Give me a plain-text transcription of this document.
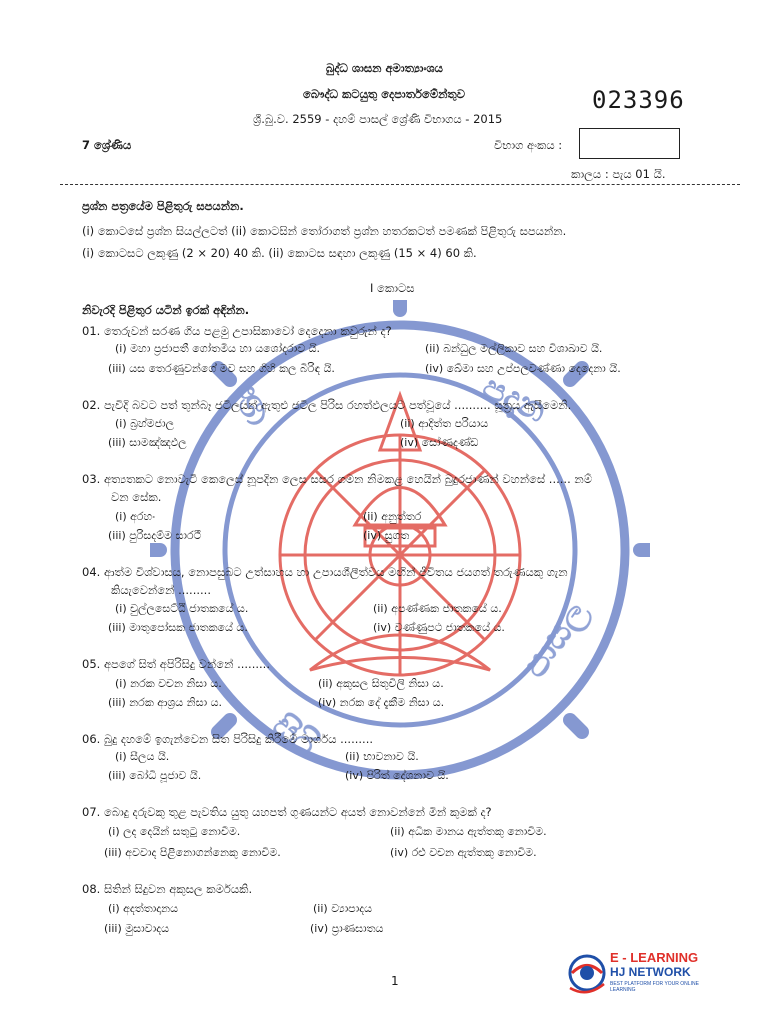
ශ්‍රී	පදාන
පාසල
සිරි
බුද්ධ ශාසන අමාත්‍යාංශය
බෞද්ධ කටයුතු දෙපාර්තමේන්තුව	023396
ශ්‍රී.බු.ව. 2559 - දහම් පාසල් ශ්‍රේණි විභාගය - 2015
7 ශ්‍රේණිය	විභාග අංකය :
කාලය : පැය 01 යි.
ප්‍රශ්න පත්‍රයේම පිළිතුරු සපයන්න.
(i) කොටසේ ප්‍රශ්න සියල්ලටත් (ii) කොටසින් තෝරාගත් ප්‍රශ්න හතරකටත් පමණක් පිළිතුරු සපයන්න.
(i) කොටසට ලකුණු (2 × 20) 40 කි. (ii) කොටස සඳහා ලකුණු (15 × 4) 60 කි.
I කොටස
නිවැරදි පිළිතුර යටින් ඉරක් අඳින්න.
01. තෙරුවන් සරණ ගිය පළමු උපාසිකාවෝ දෙදෙනා කවුරුන් ද?
(i) මහා ප්‍රජාපතී ගෝතමිය හා යශෝදරාව යි.	(ii) බන්ධුල මල්ලිකාව සහ විශාඛාව යි.
(iii) යස තෙරණුවන්ගේ මව සහ ගිහි කල බිරිඳ යි.	(iv) ඛේමා සහ උප්පලවණ්ණා දෙදෙනා යි.
02. පැවිදි බවට පත් තුන්බෑ ජටිලයන් ඇතුළු ජටිල පිරිස රහත්ඵලයට පත්වූයේ .......... සූත්‍රය ඇසීමෙනි.
(i) බ්‍රහ්මජාල	(ii) ආදිත්ත පරියාය
(iii) සාමඤ්ඤඵල	(iv) සෝණදණ්ඩ
03. අත්‍යතකට නොවැටී කෙලෙස් නූපදින ලෙස සසර ගමන නිමකළ හෙයින් බුදුරජාණන් වහන්සේ ...... නම්
වන සේක.
(i) අරහං	(ii) අනුත්තර
(iii) පුරිසදම්ම සාරථී	(iv) සුගත
04. ආත්ම විශ්වාසය, නොපසුබට උත්සාහය හා උපායශීලීත්වය මඟින් ජීවිතය ජයගත් තරුණයකු ගැන
කියැවෙන්නේ .........
(i) චුල්ලසෙට්ඨි ජාතකයේ ය.	(ii) අපණ්ණක ජාතකයේ ය.
(iii) මාතුපෝසක ජාතකයේ ය.	(iv) වණ්ණුපථ ජාතකයේ ය.
05. අපගේ සිත් අපිරිසිදු වන්නේ .........
(i) නරක වචන නිසා ය.	(ii) අකුසල සිතුවිලි නිසා ය.
(iii) නරක ආශ්‍රය නිසා ය.	(iv) නරක දේ දැකීම නිසා ය.
06. බුදු දහමේ ඉගැන්වෙන සිත පිරිසිදු කිරීමේ මාර්ගය .........
(i) සීලය යි.	(ii) භාවනාව යි.
(iii) බෝධි පූජාව යි.	(iv) පිරිත් දේශනාව යි.
07. බොදු දරුවකු තුළ පැවතිය යුතු යහපත් ගුණයන්ට අයත් නොවන්නේ මින් කුමක් ද?
(i) ලද දෙයින් සතුටු නොවීම.	(ii) අධික මානය ඇත්තකු නොවීම.
(iii) අවවාද පිළිනොගන්නෙකු නොවීම.	(iv) රළු වචන ඇත්තකු නොවීම.
08. සිතින් සිදුවන අකුසල කර්මයකි.
(i) අදත්තාදානය	(ii) ව්‍යාපාදය
(iii) මුසාවාදය	(iv) ප්‍රාණඝාතය
1
E - LEARNING
HJ NETWORK
BEST PLATFORM FOR YOUR ONLINE LEARNING
